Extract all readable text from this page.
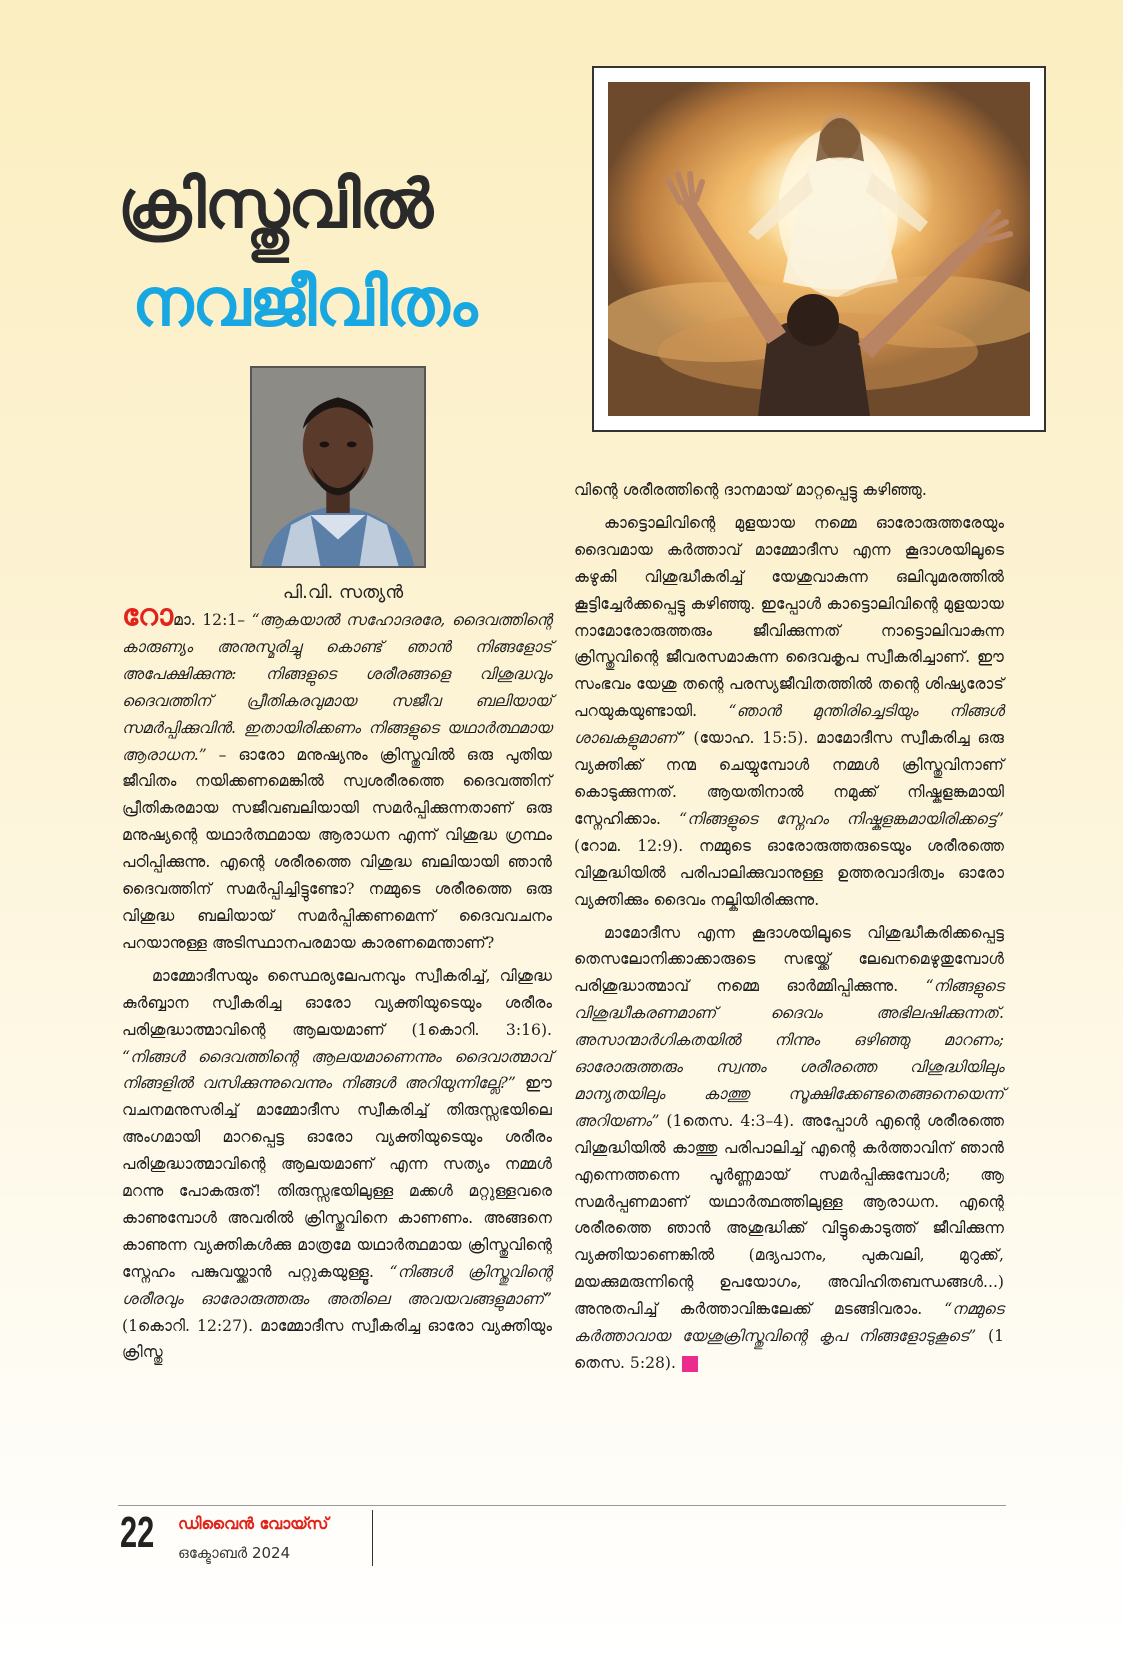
ക്രിസ്തുവിൽ
നവജീവിതം
പി.വി. സത്യൻ

റോമാ. 12:1– “ആകയാൽ സഹോദരരേ, ദൈവത്തിന്റെ കാരുണ്യം അനുസ്മരിച്ചു കൊണ്ട് ഞാൻ നിങ്ങളോട് അപേക്ഷിക്കുന്നു: നിങ്ങളുടെ ശരീരങ്ങളെ വിശുദ്ധവും ദൈവത്തിന് പ്രീതികരവുമായ സജീവ ബലിയായ് സമർപ്പിക്കുവിൻ. ഇതായിരിക്കണം നിങ്ങളുടെ യഥാർത്ഥമായ ആരാധന.” – ഓരോ മനുഷ്യനും ക്രിസ്തുവിൽ ഒരു പുതിയ ജീവിതം നയിക്കണമെങ്കിൽ സ്വശരീരത്തെ ദൈവത്തിന് പ്രീതികരമായ സജീവബലിയായി സമർപ്പിക്കുന്നതാണ് ഒരു മനുഷ്യന്റെ യഥാർത്ഥമായ ആരാധന എന്ന് വിശുദ്ധ ഗ്രന്ഥം പഠിപ്പിക്കുന്നു. എന്റെ ശരീരത്തെ വിശുദ്ധ ബലിയായി ഞാൻ ദൈവത്തിന് സമർപ്പിച്ചിട്ടുണ്ടോ? നമ്മുടെ ശരീരത്തെ ഒരു വിശുദ്ധ ബലിയായ് സമർപ്പിക്കണമെന്ന് ദൈവവചനം പറയാനുള്ള അടിസ്ഥാനപരമായ കാരണമെന്താണ്?

മാമ്മോദീസയും സ്ഥൈര്യലേപനവും സ്വീകരിച്ച്, വിശുദ്ധ കുർബ്ബാന സ്വീകരിച്ച ഓരോ വ്യക്തിയുടെയും ശരീരം പരിശുദ്ധാത്മാവിന്റെ ആലയമാണ് (1കൊറി. 3:16). “നിങ്ങൾ ദൈവത്തിന്റെ ആലയമാണെന്നും ദൈവാത്മാവ് നിങ്ങളിൽ വസിക്കുന്നുവെന്നും നിങ്ങൾ അറിയുന്നില്ലേ?” ഈ വചനമനുസരിച്ച് മാമ്മോദീസ സ്വീകരിച്ച് തിരുസ്സഭയിലെ അംഗമായി മാറപ്പെട്ട ഓരോ വ്യക്തിയുടെയും ശരീരം പരിശുദ്ധാത്മാവിന്റെ ആലയമാണ് എന്ന സത്യം നമ്മൾ മറന്നു പോകരുത്! തിരുസ്സഭയിലുള്ള മക്കൾ മറ്റുള്ളവരെ കാണുമ്പോൾ അവരിൽ ക്രിസ്തുവിനെ കാണണം. അങ്ങനെ കാണുന്ന വ്യക്തികൾക്കു മാത്രമേ യഥാർത്ഥമായ ക്രിസ്തുവിന്റെ സ്നേഹം പങ്കുവയ്ക്കാൻ പറ്റുകയുള്ളൂ. “നിങ്ങൾ ക്രിസ്തുവിന്റെ ശരീരവും ഓരോരുത്തരും അതിലെ അവയവങ്ങളുമാണ്” (1കൊറി. 12:27). മാമ്മോദീസ സ്വീകരിച്ച ഓരോ വ്യക്തിയും ക്രിസ്തു

വിന്റെ ശരീരത്തിന്റെ ദാനമായ് മാറ്റപ്പെട്ടു കഴിഞ്ഞു.

കാട്ടൊലിവിന്റെ മുളയായ നമ്മെ ഓരോരുത്തരേയും ദൈവമായ കർത്താവ് മാമ്മോദീസ എന്ന കൂദാശയിലൂടെ കഴുകി വിശുദ്ധീകരിച്ച് യേശുവാകുന്ന ഒലിവുമരത്തിൽ കൂട്ടിച്ചേർക്കപ്പെട്ടു കഴിഞ്ഞു. ഇപ്പോൾ കാട്ടൊലിവിന്റെ മുളയായ നാമോരോരുത്തരും ജീവിക്കുന്നത് നാട്ടൊലിവാകുന്ന ക്രിസ്തുവിന്റെ ജീവരസമാകുന്ന ദൈവകൃപ സ്വീകരിച്ചാണ്. ഈ സംഭവം യേശു തന്റെ പരസ്യജീവിതത്തിൽ തന്റെ ശിഷ്യരോട് പറയുകയുണ്ടായി. “ഞാൻ മുന്തിരിച്ചെടിയും നിങ്ങൾ ശാഖകളുമാണ്” (യോഹ. 15:5). മാമോദീസ സ്വീകരിച്ച ഒരു വ്യക്തിക്ക് നന്മ ചെയ്യുമ്പോൾ നമ്മൾ ക്രിസ്തുവിനാണ് കൊടുക്കുന്നത്. ആയതിനാൽ നമുക്ക് നിഷ്കളങ്കമായി സ്നേഹിക്കാം. “നിങ്ങളുടെ സ്നേഹം നിഷ്കളങ്കമായിരിക്കട്ടെ” (റോമ. 12:9). നമ്മുടെ ഓരോരുത്തരുടെയും ശരീരത്തെ വിശുദ്ധിയിൽ പരിപാലിക്കുവാനുള്ള ഉത്തരവാദിത്വം ഓരോ വ്യക്തിക്കും ദൈവം നല്കിയിരിക്കുന്നു.

മാമോദീസ എന്ന കൂദാശയിലൂടെ വിശുദ്ധീകരിക്കപ്പെട്ട തെസലോനിക്കാക്കാരുടെ സഭയ്ക്ക് ലേഖനമെഴുതുമ്പോൾ പരിശുദ്ധാത്മാവ് നമ്മെ ഓർമ്മിപ്പിക്കുന്നു. “നിങ്ങളുടെ വിശുദ്ധീകരണമാണ് ദൈവം അഭിലഷിക്കുന്നത്. അസാന്മാർഗികതയിൽ നിന്നും ഒഴിഞ്ഞു മാറണം; ഓരോരുത്തരും സ്വന്തം ശരീരത്തെ വിശുദ്ധിയിലും മാന്യതയിലും കാത്തു സൂക്ഷിക്കേണ്ടതെങ്ങനെയെന്ന് അറിയണം” (1തെസ. 4:3–4). അപ്പോൾ എന്റെ ശരീരത്തെ വിശുദ്ധിയിൽ കാത്തു പരിപാലിച്ച് എന്റെ കർത്താവിന് ഞാൻ എന്നെത്തന്നെ പൂർണ്ണമായ് സമർപ്പിക്കുമ്പോൾ; ആ സമർപ്പണമാണ് യഥാർത്ഥത്തിലുള്ള ആരാധന. എന്റെ ശരീരത്തെ ഞാൻ അശുദ്ധിക്ക് വിട്ടുകൊടുത്ത് ജീവിക്കുന്ന വ്യക്തിയാണെങ്കിൽ (മദ്യപാനം, പുകവലി, മുറുക്ക്, മയക്കുമരുന്നിന്റെ ഉപയോഗം, അവിഹിതബന്ധങ്ങൾ...) അനുതപിച്ച് കർത്താവിങ്കലേക്ക് മടങ്ങിവരാം. “നമ്മുടെ കർത്താവായ യേശുക്രിസ്തുവിന്റെ കൃപ നിങ്ങളോടുകൂടെ” (1 തെസ. 5:28).

22 ഡിവൈൻ വോയ്സ്
ഒക്ടോബർ 2024
